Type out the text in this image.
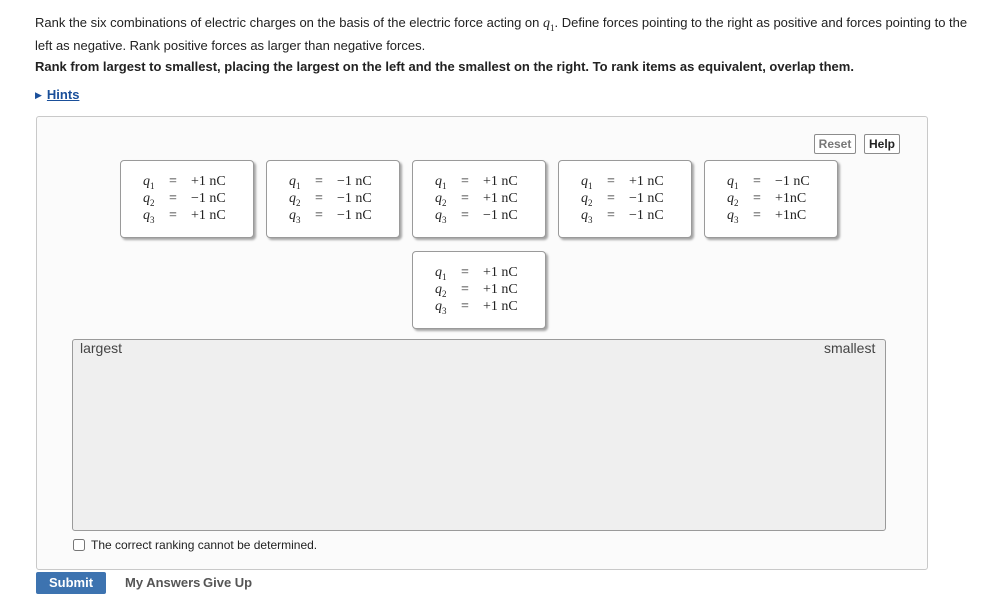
Rank the six combinations of electric charges on the basis of the electric force acting on $q_1$. Define forces pointing to the right as positive and forces pointing to the left as negative. Rank positive forces as larger than negative forces.
Rank from largest to smallest, placing the largest on the left and the smallest on the right. To rank items as equivalent, overlap them.
▶ Hints
Reset	Help
$q_1 = +1$ nC
$q_2 = -1$ nC
$q_3 = +1$ nC
$q_1 = -1$ nC
$q_2 = -1$ nC
$q_3 = -1$ nC
$q_1 = +1$ nC
$q_2 = +1$ nC
$q_3 = -1$ nC
$q_1 = +1$ nC
$q_2 = -1$ nC
$q_3 = -1$ nC
$q_1 = -1$ nC
$q_2 = +1nC$
$q_3 = +1nC$
$q_1 = +1$ nC
$q_2 = +1$ nC
$q_3 = +1$ nC
largest	smallest
The correct ranking cannot be determined.
Submit	My Answers Give Up
